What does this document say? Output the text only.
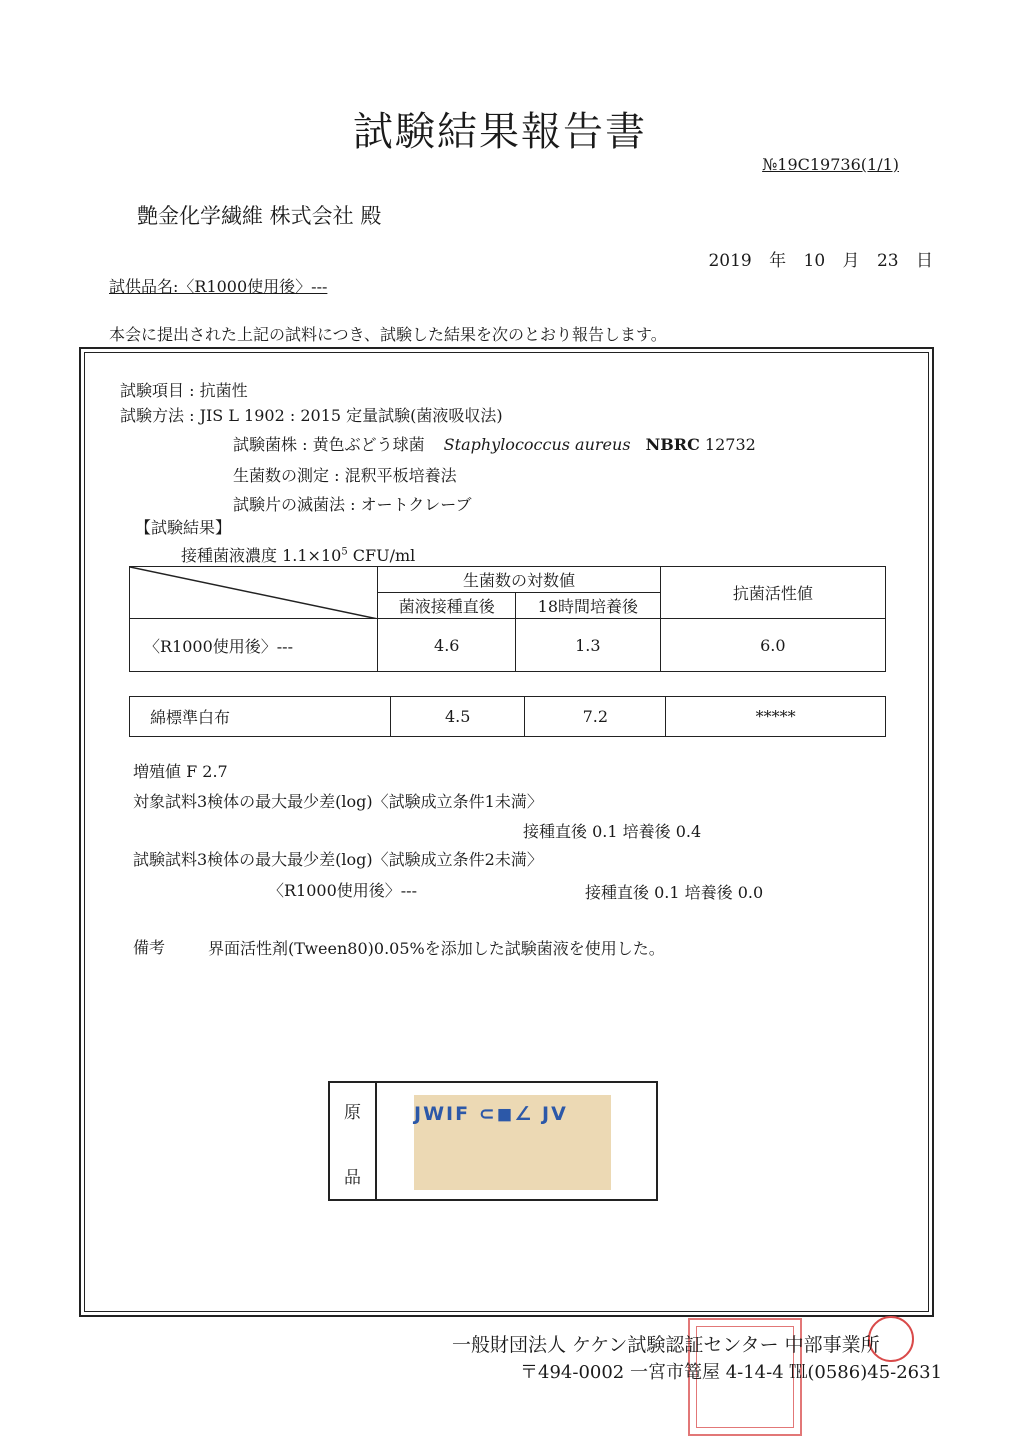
試験結果報告書
№19C19736(1/1)
艶金化学繊維 株式会社 殿
2019 年 10 月 23 日
試供品名:〈R1000使用後〉---
本会に提出された上記の試料につき、試験した結果を次のとおり報告します。
試験項目 : 抗菌性
試験方法 : JIS L 1902 : 2015 定量試験(菌液吸収法)
試験菌株 : 黄色ぶどう球菌 Staphylococcus aureus NBRC 12732
生菌数の測定 : 混釈平板培養法
試験片の滅菌法 : オートクレーブ
【試験結果】
接種菌液濃度 $1.1\times 10^5$ CFU/ml
	生菌数の対数値		抗菌活性値
	菌液接種直後	18時間培養後	
〈R1000使用後〉---	4.6	1.3	6.0
綿標準白布	4.5	7.2	*****
増殖値 F 2.7
対象試料3検体の最大最少差(log)〈試験成立条件1未満〉
接種直後 0.1 培養後 0.4
試験試料3検体の最大最少差(log)〈試験成立条件2未満〉
〈R1000使用後〉---	接種直後 0.1 培養後 0.0
備考	界面活性剤(Tween80)0.05%を添加した試験菌液を使用した。
原
品
JWIF ⊂◼∠ JV
一般財団法人 ケケン試験認証センター 中部事業所
〒494-0002 一宮市篭屋 4-14-4 ℡(0586)45-2631
